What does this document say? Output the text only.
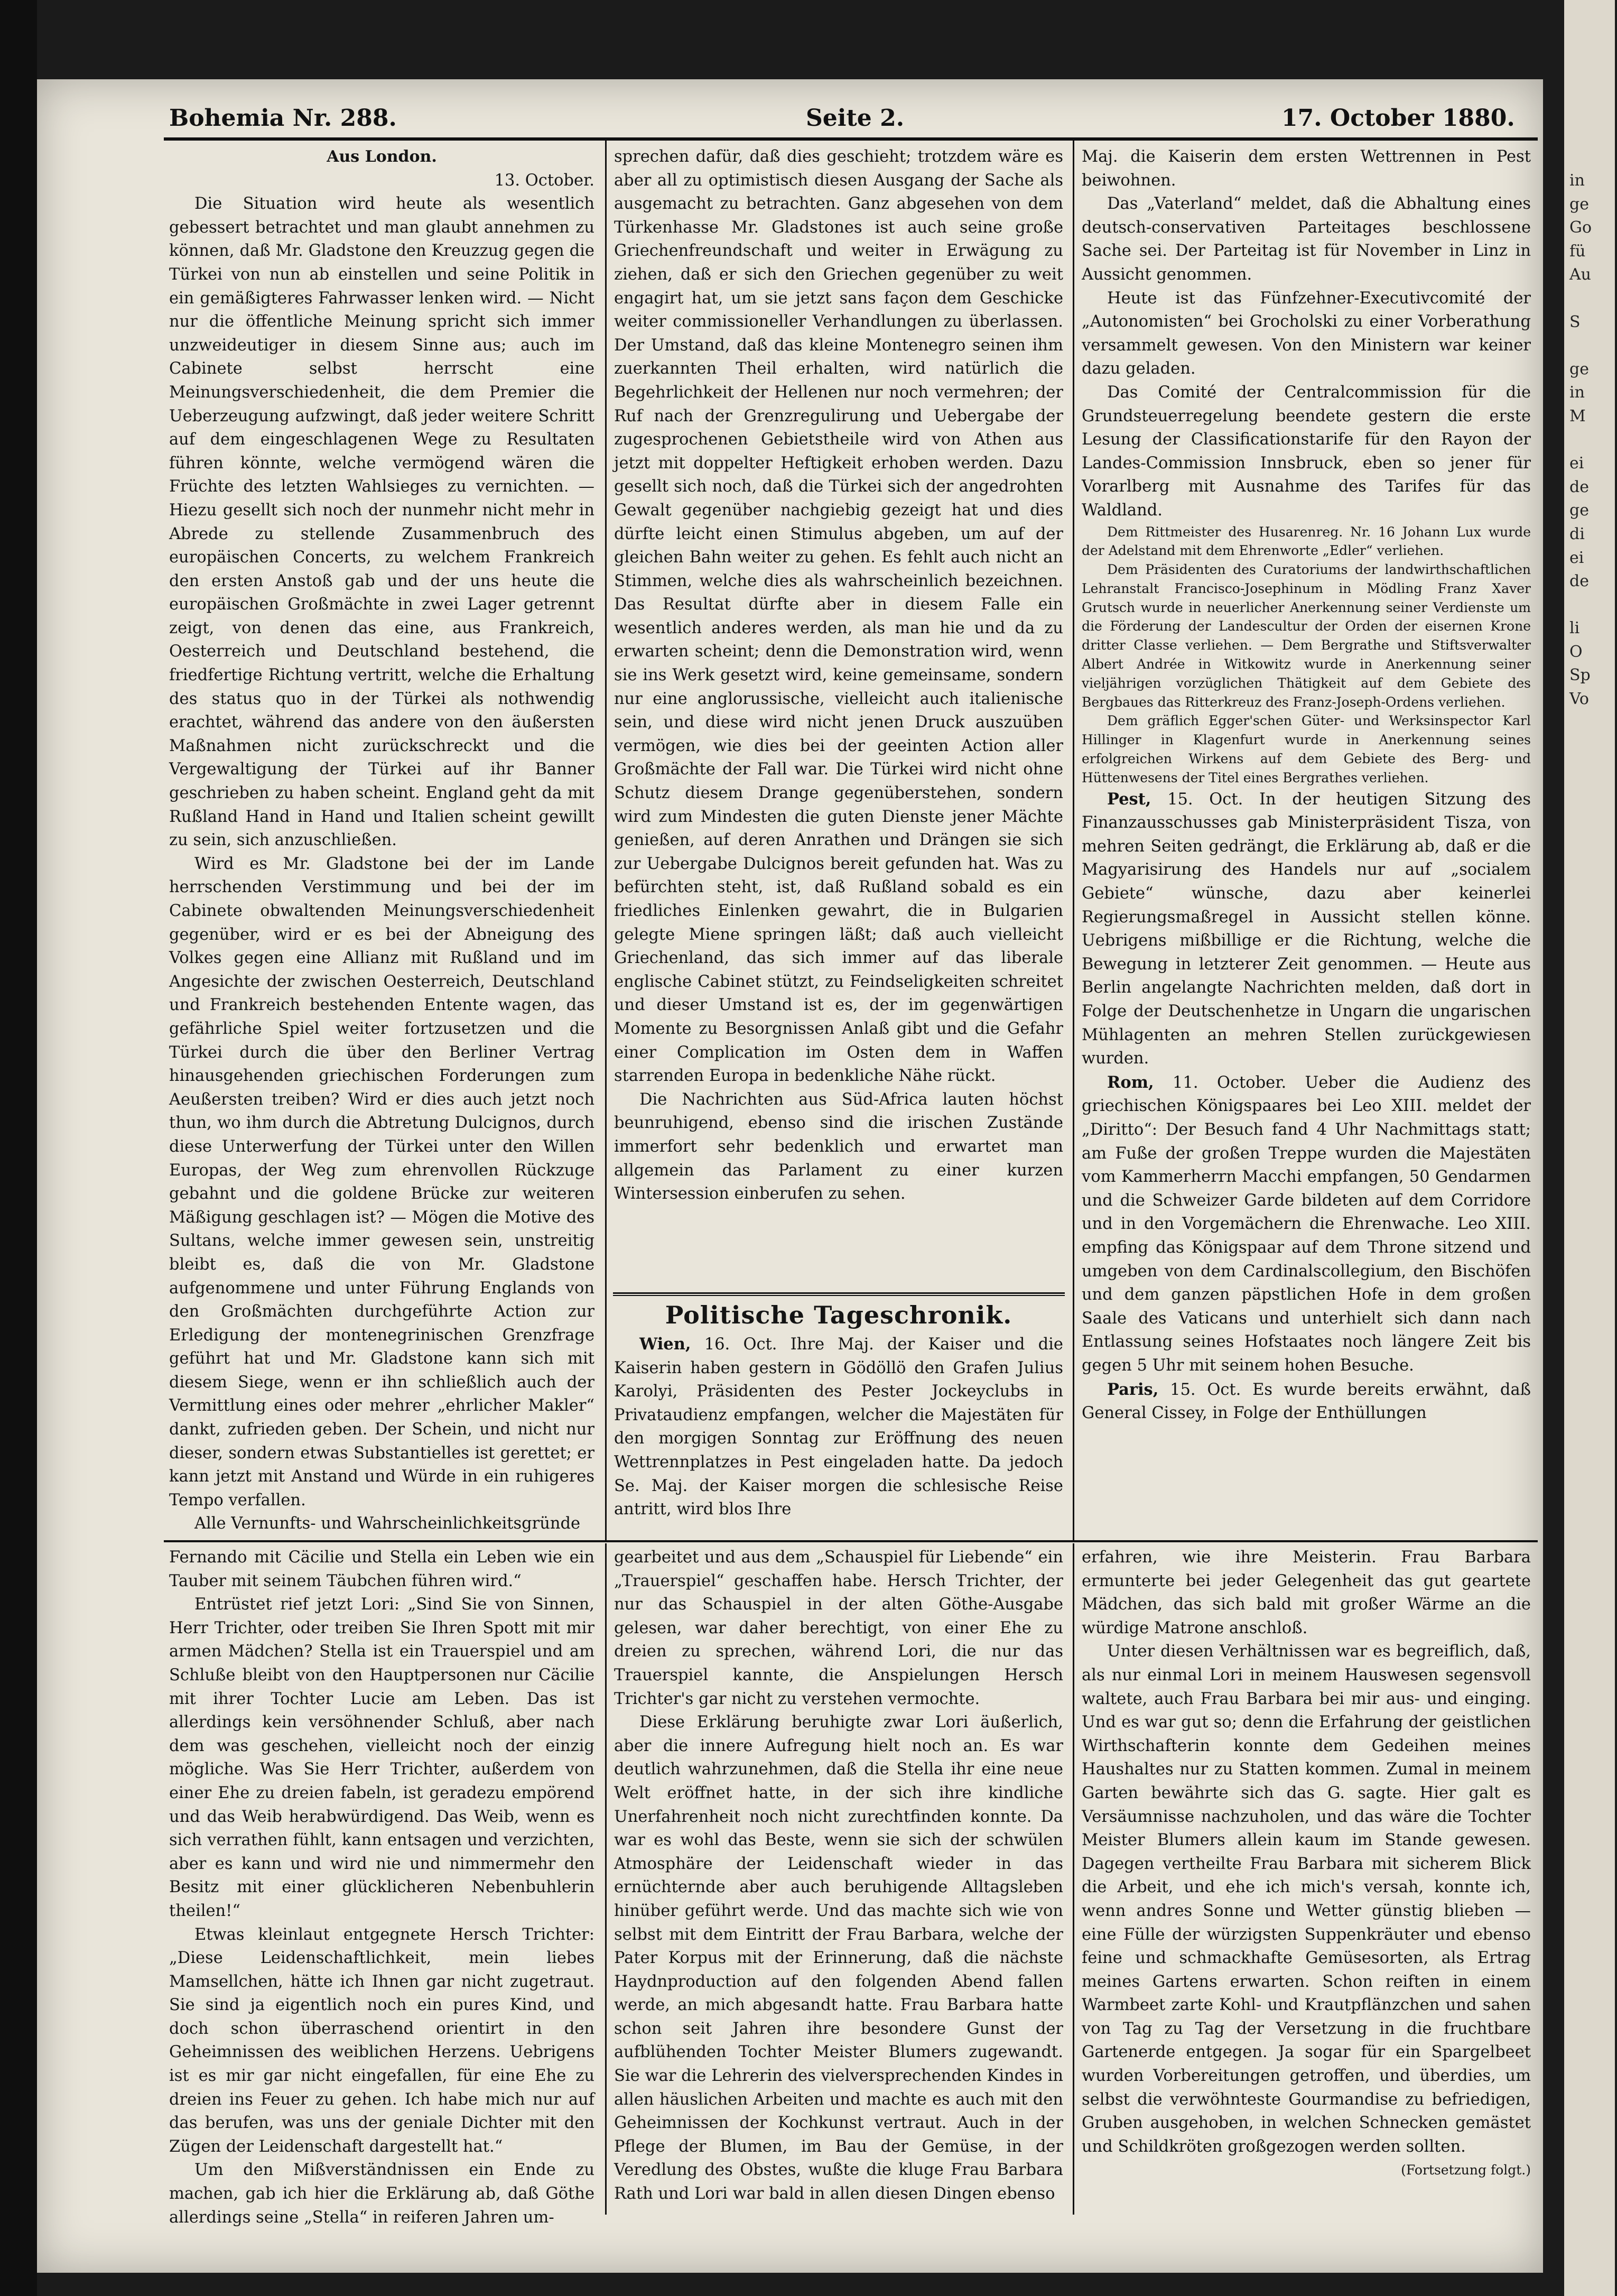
Bohemia Nr. 288.	Seite 2.	17. October 1880.

Aus London.

13. October.

Die Situation wird heute als wesentlich gebessert betrachtet und man glaubt annehmen zu können, daß Mr. Gladstone den Kreuzzug gegen die Türkei von nun ab einstellen und seine Politik in ein gemäßigteres Fahrwasser lenken wird. — Nicht nur die öffentliche Meinung spricht sich immer unzweideutiger in diesem Sinne aus; auch im Cabinete selbst herrscht eine Meinungsverschiedenheit, die dem Premier die Ueberzeugung aufzwingt, daß jeder weitere Schritt auf dem eingeschlagenen Wege zu Resultaten führen könnte, welche vermögend wären die Früchte des letzten Wahlsieges zu vernichten. — Hiezu gesellt sich noch der nunmehr nicht mehr in Abrede zu stellende Zusammenbruch des europäischen Concerts, zu welchem Frankreich den ersten Anstoß gab und der uns heute die europäischen Großmächte in zwei Lager getrennt zeigt, von denen das eine, aus Frankreich, Oesterreich und Deutschland bestehend, die friedfertige Richtung vertritt, welche die Erhaltung des status quo in der Türkei als nothwendig erachtet, während das andere von den äußersten Maßnahmen nicht zurückschreckt und die Vergewaltigung der Türkei auf ihr Banner geschrieben zu haben scheint. England geht da mit Rußland Hand in Hand und Italien scheint gewillt zu sein, sich anzuschließen.

Wird es Mr. Gladstone bei der im Lande herrschenden Verstimmung und bei der im Cabinete obwaltenden Meinungsverschiedenheit gegenüber, wird er es bei der Abneigung des Volkes gegen eine Allianz mit Rußland und im Angesichte der zwischen Oesterreich, Deutschland und Frankreich bestehenden Entente wagen, das gefährliche Spiel weiter fortzusetzen und die Türkei durch die über den Berliner Vertrag hinausgehenden griechischen Forderungen zum Aeußersten treiben? Wird er dies auch jetzt noch thun, wo ihm durch die Abtretung Dulcignos, durch diese Unterwerfung der Türkei unter den Willen Europas, der Weg zum ehrenvollen Rückzuge gebahnt und die goldene Brücke zur weiteren Mäßigung geschlagen ist? — Mögen die Motive des Sultans, welche immer gewesen sein, unstreitig bleibt es, daß die von Mr. Gladstone aufgenommene und unter Führung Englands von den Großmächten durchgeführte Action zur Erledigung der montenegrinischen Grenzfrage geführt hat und Mr. Gladstone kann sich mit diesem Siege, wenn er ihn schließlich auch der Vermittlung eines oder mehrer „ehrlicher Makler“ dankt, zufrieden geben. Der Schein, und nicht nur dieser, sondern etwas Substantielles ist gerettet; er kann jetzt mit Anstand und Würde in ein ruhigeres Tempo verfallen.

Alle Vernunfts- und Wahrscheinlichkeitsgründe

sprechen dafür, daß dies geschieht; trotzdem wäre es aber all zu optimistisch diesen Ausgang der Sache als ausgemacht zu betrachten. Ganz abgesehen von dem Türkenhasse Mr. Gladstones ist auch seine große Griechenfreundschaft und weiter in Erwägung zu ziehen, daß er sich den Griechen gegenüber zu weit engagirt hat, um sie jetzt sans façon dem Geschicke weiter commissioneller Verhandlungen zu überlassen. Der Umstand, daß das kleine Montenegro seinen ihm zuerkannten Theil erhalten, wird natürlich die Begehrlichkeit der Hellenen nur noch vermehren; der Ruf nach der Grenzregulirung und Uebergabe der zugesprochenen Gebietstheile wird von Athen aus jetzt mit doppelter Heftigkeit erhoben werden. Dazu gesellt sich noch, daß die Türkei sich der angedrohten Gewalt gegenüber nachgiebig gezeigt hat und dies dürfte leicht einen Stimulus abgeben, um auf der gleichen Bahn weiter zu gehen. Es fehlt auch nicht an Stimmen, welche dies als wahrscheinlich bezeichnen. Das Resultat dürfte aber in diesem Falle ein wesentlich anderes werden, als man hie und da zu erwarten scheint; denn die Demonstration wird, wenn sie ins Werk gesetzt wird, keine gemeinsame, sondern nur eine anglorussische, vielleicht auch italienische sein, und diese wird nicht jenen Druck auszuüben vermögen, wie dies bei der geeinten Action aller Großmächte der Fall war. Die Türkei wird nicht ohne Schutz diesem Drange gegenüberstehen, sondern wird zum Mindesten die guten Dienste jener Mächte genießen, auf deren Anrathen und Drängen sie sich zur Uebergabe Dulcignos bereit gefunden hat. Was zu befürchten steht, ist, daß Rußland sobald es ein friedliches Einlenken gewahrt, die in Bulgarien gelegte Miene springen läßt; daß auch vielleicht Griechenland, das sich immer auf das liberale englische Cabinet stützt, zu Feindseligkeiten schreitet und dieser Umstand ist es, der im gegenwärtigen Momente zu Besorgnissen Anlaß gibt und die Gefahr einer Complication im Osten dem in Waffen starrenden Europa in bedenkliche Nähe rückt.

Die Nachrichten aus Süd-Africa lauten höchst beunruhigend, ebenso sind die irischen Zustände immerfort sehr bedenklich und erwartet man allgemein das Parlament zu einer kurzen Wintersession einberufen zu sehen.

Politische Tageschronik.

Wien, 16. Oct. Ihre Maj. der Kaiser und die Kaiserin haben gestern in Gödöllö den Grafen Julius Karolyi, Präsidenten des Pester Jockeyclubs in Privataudienz empfangen, welcher die Majestäten für den morgigen Sonntag zur Eröffnung des neuen Wettrennplatzes in Pest eingeladen hatte. Da jedoch Se. Maj. der Kaiser morgen die schlesische Reise antritt, wird blos Ihre

Maj. die Kaiserin dem ersten Wettrennen in Pest beiwohnen.

Das „Vaterland“ meldet, daß die Abhaltung eines deutsch-conservativen Parteitages beschlossene Sache sei. Der Parteitag ist für November in Linz in Aussicht genommen.

Heute ist das Fünfzehner-Executivcomité der „Autonomisten“ bei Grocholski zu einer Vorberathung versammelt gewesen. Von den Ministern war keiner dazu geladen.

Das Comité der Centralcommission für die Grundsteuerregelung beendete gestern die erste Lesung der Classificationstarife für den Rayon der Landes-Commission Innsbruck, eben so jener für Vorarlberg mit Ausnahme des Tarifes für das Waldland.

Dem Rittmeister des Husarenreg. Nr. 16 Johann Lux wurde der Adelstand mit dem Ehrenworte „Edler“ verliehen.

Dem Präsidenten des Curatoriums der landwirthschaftlichen Lehranstalt Francisco-Josephinum in Mödling Franz Xaver Grutsch wurde in neuerlicher Anerkennung seiner Verdienste um die Förderung der Landescultur der Orden der eisernen Krone dritter Classe verliehen. — Dem Bergrathe und Stiftsverwalter Albert Andrée in Witkowitz wurde in Anerkennung seiner vieljährigen vorzüglichen Thätigkeit auf dem Gebiete des Bergbaues das Ritterkreuz des Franz-Joseph-Ordens verliehen.

Dem gräflich Egger'schen Güter- und Werksinspector Karl Hillinger in Klagenfurt wurde in Anerkennung seines erfolgreichen Wirkens auf dem Gebiete des Berg- und Hüttenwesens der Titel eines Bergrathes verliehen.

Pest, 15. Oct. In der heutigen Sitzung des Finanzausschusses gab Ministerpräsident Tisza, von mehren Seiten gedrängt, die Erklärung ab, daß er die Magyarisirung des Handels nur auf „socialem Gebiete“ wünsche, dazu aber keinerlei Regierungsmaßregel in Aussicht stellen könne. Uebrigens mißbillige er die Richtung, welche die Bewegung in letzterer Zeit genommen. — Heute aus Berlin angelangte Nachrichten melden, daß dort in Folge der Deutschenhetze in Ungarn die ungarischen Mühlagenten an mehren Stellen zurückgewiesen wurden.

Rom, 11. October. Ueber die Audienz des griechischen Königspaares bei Leo XIII. meldet der „Diritto“: Der Besuch fand 4 Uhr Nachmittags statt; am Fuße der großen Treppe wurden die Majestäten vom Kammerherrn Macchi empfangen, 50 Gendarmen und die Schweizer Garde bildeten auf dem Corridore und in den Vorgemächern die Ehrenwache. Leo XIII. empfing das Königspaar auf dem Throne sitzend und umgeben von dem Cardinalscollegium, den Bischöfen und dem ganzen päpstlichen Hofe in dem großen Saale des Vaticans und unterhielt sich dann nach Entlassung seines Hofstaates noch längere Zeit bis gegen 5 Uhr mit seinem hohen Besuche.

Paris, 15. Oct. Es wurde bereits erwähnt, daß General Cissey, in Folge der Enthüllungen

Fernando mit Cäcilie und Stella ein Leben wie ein Tauber mit seinem Täubchen führen wird.“

Entrüstet rief jetzt Lori: „Sind Sie von Sinnen, Herr Trichter, oder treiben Sie Ihren Spott mit mir armen Mädchen? Stella ist ein Trauerspiel und am Schluße bleibt von den Hauptpersonen nur Cäcilie mit ihrer Tochter Lucie am Leben. Das ist allerdings kein versöhnender Schluß, aber nach dem was geschehen, vielleicht noch der einzig mögliche. Was Sie Herr Trichter, außerdem von einer Ehe zu dreien fabeln, ist geradezu empörend und das Weib herabwürdigend. Das Weib, wenn es sich verrathen fühlt, kann entsagen und verzichten, aber es kann und wird nie und nimmermehr den Besitz mit einer glücklicheren Nebenbuhlerin theilen!“

Etwas kleinlaut entgegnete Hersch Trichter: „Diese Leidenschaftlichkeit, mein liebes Mamsellchen, hätte ich Ihnen gar nicht zugetraut. Sie sind ja eigentlich noch ein pures Kind, und doch schon überraschend orientirt in den Geheimnissen des weiblichen Herzens. Uebrigens ist es mir gar nicht eingefallen, für eine Ehe zu dreien ins Feuer zu gehen. Ich habe mich nur auf das berufen, was uns der geniale Dichter mit den Zügen der Leidenschaft dargestellt hat.“

Um den Mißverständnissen ein Ende zu machen, gab ich hier die Erklärung ab, daß Göthe allerdings seine „Stella“ in reiferen Jahren um-

gearbeitet und aus dem „Schauspiel für Liebende“ ein „Trauerspiel“ geschaffen habe. Hersch Trichter, der nur das Schauspiel in der alten Göthe-Ausgabe gelesen, war daher berechtigt, von einer Ehe zu dreien zu sprechen, während Lori, die nur das Trauerspiel kannte, die Anspielungen Hersch Trichter's gar nicht zu verstehen vermochte.

Diese Erklärung beruhigte zwar Lori äußerlich, aber die innere Aufregung hielt noch an. Es war deutlich wahrzunehmen, daß die Stella ihr eine neue Welt eröffnet hatte, in der sich ihre kindliche Unerfahrenheit noch nicht zurechtfinden konnte. Da war es wohl das Beste, wenn sie sich der schwülen Atmosphäre der Leidenschaft wieder in das ernüchternde aber auch beruhigende Alltagsleben hinüber geführt werde. Und das machte sich wie von selbst mit dem Eintritt der Frau Barbara, welche der Pater Korpus mit der Erinnerung, daß die nächste Haydnproduction auf den folgenden Abend fallen werde, an mich abgesandt hatte. Frau Barbara hatte schon seit Jahren ihre besondere Gunst der aufblühenden Tochter Meister Blumers zugewandt. Sie war die Lehrerin des vielversprechenden Kindes in allen häuslichen Arbeiten und machte es auch mit den Geheimnissen der Kochkunst vertraut. Auch in der Pflege der Blumen, im Bau der Gemüse, in der Veredlung des Obstes, wußte die kluge Frau Barbara Rath und Lori war bald in allen diesen Dingen ebenso

erfahren, wie ihre Meisterin. Frau Barbara ermunterte bei jeder Gelegenheit das gut geartete Mädchen, das sich bald mit großer Wärme an die würdige Matrone anschloß.

Unter diesen Verhältnissen war es begreiflich, daß, als nur einmal Lori in meinem Hauswesen segensvoll waltete, auch Frau Barbara bei mir aus- und einging. Und es war gut so; denn die Erfahrung der geistlichen Wirthschafterin konnte dem Gedeihen meines Haushaltes nur zu Statten kommen. Zumal in meinem Garten bewährte sich das G. sagte. Hier galt es Versäumnisse nachzuholen, und das wäre die Tochter Meister Blumers allein kaum im Stande gewesen. Dagegen vertheilte Frau Barbara mit sicherem Blick die Arbeit, und ehe ich mich's versah, konnte ich, wenn andres Sonne und Wetter günstig blieben — eine Fülle der würzigsten Suppenkräuter und ebenso feine und schmackhafte Gemüsesorten, als Ertrag meines Gartens erwarten. Schon reiften in einem Warmbeet zarte Kohl- und Krautpflänzchen und sahen von Tag zu Tag der Versetzung in die fruchtbare Gartenerde entgegen. Ja sogar für ein Spargelbeet wurden Vorbereitungen getroffen, und überdies, um selbst die verwöhnteste Gourmandise zu befriedigen, Gruben ausgehoben, in welchen Schnecken gemästet und Schildkröten großgezogen werden sollten.

(Fortsetzung folgt.)

in
ge
Go
fü
Au

S

ge
in
M

ei
de
ge
di
ei
de

li
O
Sp
Vo
